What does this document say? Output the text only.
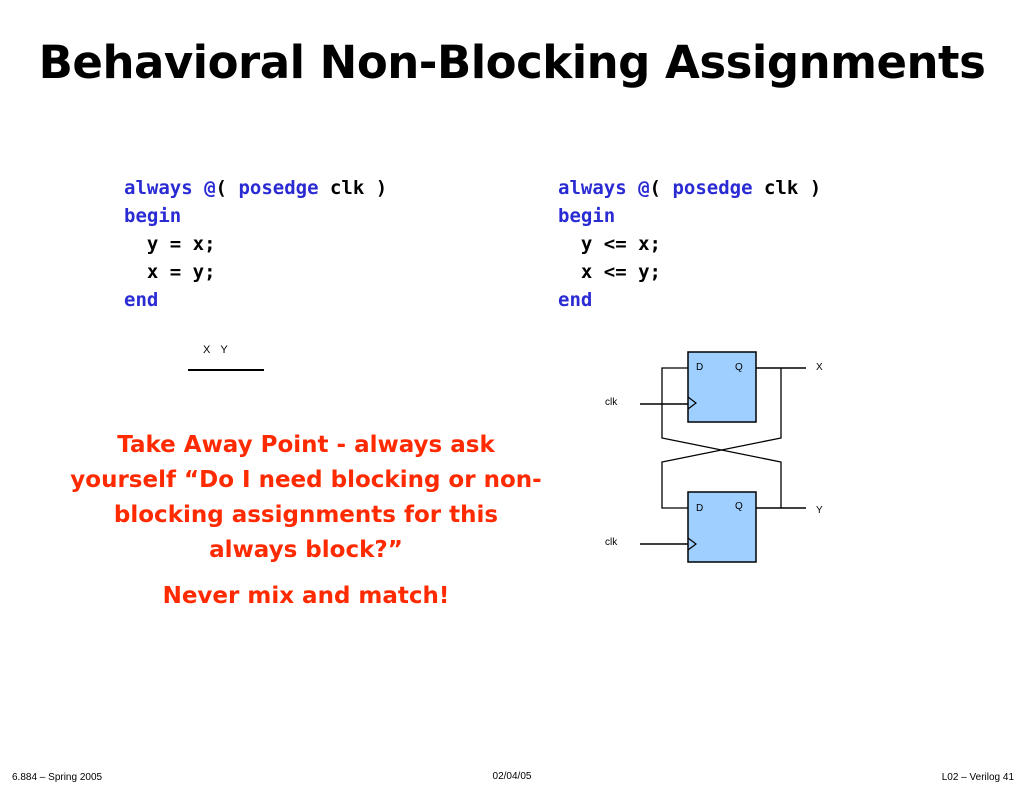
Behavioral Non-Blocking Assignments
always @( posedge clk )
begin
y = x;
x = y;
end
always @( posedge clk )
begin
y <= x;
x <= y;
end
X Y
Take Away Point - always ask yourself “Do I need blocking or non-blocking assignments for this always block?”
Never mix and match!
D	Q
clk
X
D	Q
clk
Y
6.884 – Spring 2005	02/04/05	L02 – Verilog 41
